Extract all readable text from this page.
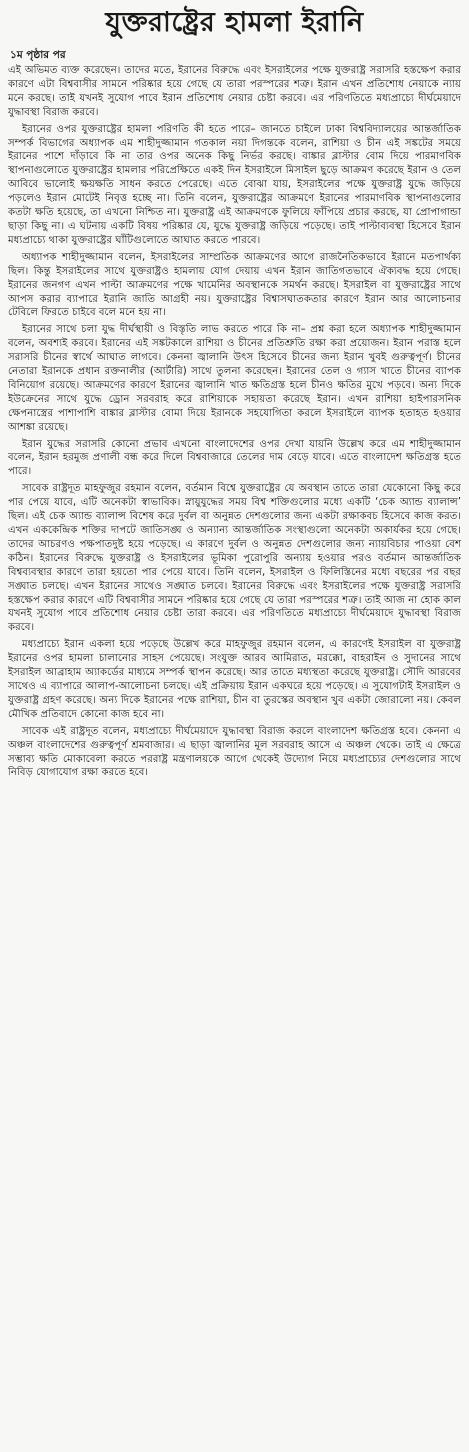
যুক্তরাষ্ট্রের হামলা ইরানি
১ম পৃষ্ঠার পর

এই অভিমত ব্যক্ত করেছেন। তাদের মতে, ইরানের বিরুদ্ধে এবং ইসরাইলের পক্ষে যুক্তরাষ্ট্র সরাসরি হস্তক্ষেপ করার কারণে এটা বিশ্ববাসীর সামনে পরিষ্কার হয়ে গেছে যে তারা পরস্পরের শত্রু। ইরান এখন প্রতিশোধ নেয়াকে ন্যায় মনে করছে। তাই যখনই সুযোগ পাবে ইরান প্রতিশোধ নেয়ার চেষ্টা করবে। এর পরিণতিতে মধ্যপ্রাচ্যে দীর্ঘমেয়াদে যুদ্ধাবস্থা বিরাজ করবে।

ইরানের ওপর যুক্তরাষ্ট্রের হামলা পরিণতি কী হতে পারে– জানতে চাইলে ঢাকা বিশ্ববিদ্যালয়ের আন্তর্জাতিক সম্পর্ক বিভাগের অধ্যাপক এম শাহীদুজ্জামান গতকাল নয়া দিগন্তকে বলেন, রাশিয়া ও চীন এই সঙ্কটের সময়ে ইরানের পাশে দাঁড়াবে কি না তার ওপর অনেক কিছু নির্ভর করছে। বাঙ্কার ব্লাস্টার বোম দিয়ে পারমাণবিক স্থাপনাগুলোতে যুক্তরাষ্ট্রের হামলার পরিপ্রেক্ষিতে একই দিন ইসরাইলে মিসাইল ছুড়ে আক্রমণ করেছে ইরান ও তেল আবিবে ভালোই ক্ষয়ক্ষতি সাধন করতে পেরেছে। এতে বোঝা যায়, ইসরাইলের পক্ষে যুক্তরাষ্ট্র যুদ্ধে জড়িয়ে পড়লেও ইরান মোটেই নিবৃত্ত হচ্ছে না। তিনি বলেন, যুক্তরাষ্ট্রের আক্রমণে ইরানের পারমাণবিক স্থাপনাগুলোর কতটা ক্ষতি হয়েছে, তা এখনো নিশ্চিত না। যুক্তরাষ্ট্র এই আক্রমণকে ফুলিয়ে ফাঁপিয়ে প্রচার করছে, যা প্রোপাগান্ডা ছাড়া কিছু না। এ ঘটনায় একটি বিষয় পরিষ্কার যে, যুদ্ধে যুক্তরাষ্ট্র জড়িয়ে পড়েছে। তাই পাল্টাব্যবস্থা হিসেবে ইরান মধ্যপ্রাচ্যে থাকা যুক্তরাষ্ট্রের ঘাঁটিগুলোতে আঘাত করতে পারবে।

অধ্যাপক শাহীদুজ্জামান বলেন, ইসরাইলের সাম্প্রতিক আক্রমণের আগে রাজনৈতিকভাবে ইরানে মতপার্থক্য ছিল। কিন্তু ইসরাইলের সাথে যুক্তরাষ্ট্রও হামলায় যোগ দেয়ায় এখন ইরান জাতিগতভাবে ঐক্যবদ্ধ হয়ে গেছে। ইরানের জনগণ এখন পাল্টা আক্রমণের পক্ষে খামেনির অবস্থানকে সমর্থন করছে। ইসরাইল বা যুক্তরাষ্ট্রের সাথে আপস করার ব্যাপারে ইরানি জাতি আগ্রহী নয়। যুক্তরাষ্ট্রের বিশ্বাসঘাতকতার কারণে ইরান আর আলোচনার টেবিলে ফিরতে চাইবে বলে মনে হয় না।

ইরানের সাথে চলা যুদ্ধ দীর্ঘস্থায়ী ও বিস্তৃতি লাভ করতে পারে কি না– প্রশ্ন করা হলে অধ্যাপক শাহীদুজ্জামান বলেন, অবশ্যই করবে। ইরানের এই সঙ্কটকালে রাশিয়া ও চীনের প্রতিশ্রুতি রক্ষা করা প্রয়োজন। ইরান পরাস্ত হলে সরাসরি চীনের স্বার্থে আঘাত লাগবে। কেননা জ্বালানি উৎস হিসেবে চীনের জন্য ইরান খুবই গুরুত্বপূর্ণ। চীনের নেতারা ইরানকে প্রধান রক্তনালীর (আর্টারি) সাথে তুলনা করেছেন। ইরানের তেল ও গ্যাস খাতে চীনের ব্যাপক বিনিয়োগ রয়েছে। আক্রমণের কারণে ইরানের জ্বালানি খাত ক্ষতিগ্রস্ত হলে চীনও ক্ষতির মুখে পড়বে। অন্য দিকে ইউক্রেনের সাথে যুদ্ধে ড্রোন সরবরাহ করে রাশিয়াকে সহায়তা করেছে ইরান। এখন রাশিয়া হাইপারসনিক ক্ষেপনাস্ত্রের পাশাপাশি বাঙ্কার ব্লাস্টার বোমা দিয়ে ইরানকে সহযোগিতা করলে ইসরাইলে ব্যাপক হতাহত হওয়ার আশঙ্কা রয়েছে।

ইরান যুদ্ধের সরাসরি কোনো প্রভাব এখনো বাংলাদেশের ওপর দেখা যায়নি উল্লেখ করে এম শাহীদুজ্জামান বলেন, ইরান হরমুজ প্রণালী বন্ধ করে দিলে বিশ্ববাজারে তেলের দাম বেড়ে যাবে। এতে বাংলাদেশ ক্ষতিগ্রস্ত হতে পারে।

সাবেক রাষ্ট্রদূত মাহফুজুর রহমান বলেন, বর্তমান বিশ্বে যুক্তরাষ্ট্রের যে অবস্থান তাতে তারা যেকোনো কিছু করে পার পেয়ে যাবে, এটি অনেকটা স্বাভাবিক। স্নায়ুযুদ্ধের সময় বিশ্ব শক্তিগুলোর মধ্যে একটি ‘চেক অ্যান্ড ব্যালান্স’ ছিল। এই চেক অ্যান্ড ব্যালান্স বিশেষ করে দুর্বল বা অনুন্নত দেশগুলোর জন্য একটা রক্ষাকবচ হিসেবে কাজ করত। এখন এককেন্দ্রিক শক্তির দাপটে জাতিসঙ্ঘ ও অন্যান্য আন্তর্জাতিক সংস্থাগুলো অনেকটা অকার্যকর হয়ে গেছে। তাদের আচরণও পক্ষপাতদুষ্ট হয়ে পড়েছে। এ কারণে দুর্বল ও অনুন্নত দেশগুলোর জন্য ন্যায়বিচার পাওয়া বেশ কঠিন। ইরানের বিরুদ্ধে যুক্তরাষ্ট্র ও ইসরাইলের ভূমিকা পুরোপুরি অন্যায় হওয়ার পরও বর্তমান আন্তর্জাতিক বিশ্বব্যবস্থার কারণে তারা হয়তো পার পেয়ে যাবে। তিনি বলেন, ইসরাইল ও ফিলিস্তিনের মধ্যে বছরের পর বছর সঙ্ঘাত চলছে। এখন ইরানের সাথেও সঙ্ঘাত চলবে। ইরানের বিরুদ্ধে এবং ইসরাইলের পক্ষে যুক্তরাষ্ট্র সরাসরি হস্তক্ষেপ করার কারণে এটি বিশ্ববাসীর সামনে পরিষ্কার হয়ে গেছে যে তারা পরস্পরের শত্রু। তাই আজ না হোক কাল যখনই সুযোগ পাবে প্রতিশোধ নেয়ার চেষ্টা তারা করবে। এর পরিণতিতে মধ্যপ্রাচ্যে দীর্ঘমেয়াদে যুদ্ধাবস্থা বিরাজ করবে।

মধ্যপ্রাচ্যে ইরান একলা হয়ে পড়েছে উল্লেখ করে মাহফুজুর রহমান বলেন, এ কারণেই ইসরাইল বা যুক্তরাষ্ট্র ইরানের ওপর হামলা চালানোর সাহস পেয়েছে। সংযুক্ত আরব আমিরাত, মরক্কো, বাহরাইন ও সুদানের সাথে ইসরাইল আব্রাহাম অ্যাকর্ডের মাধ্যমে সম্পর্ক স্থাপন করেছে। আর তাতে মধ্যস্থতা করেছে যুক্তরাষ্ট্র। সৌদি আরবের সাথেও এ ব্যাপারে আলাপ-আলোচনা চলছে। এই প্রক্রিয়ায় ইরান একঘরে হয়ে পড়েছে। এ সুযোগটাই ইসরাইল ও যুক্তরাষ্ট্র গ্রহণ করেছে। অন্য দিকে ইরানের পক্ষে রাশিয়া, চীন বা তুরস্কের অবস্থান খুব একটা জোরালো নয়। কেবল মৌখিক প্রতিবাদে কোনো কাজ হবে না।

সাবেক এই রাষ্ট্রদূত বলেন, মধ্যপ্রাচ্যে দীর্ঘমেয়াদে যুদ্ধাবস্থা বিরাজ করলে বাংলাদেশ ক্ষতিগ্রস্ত হবে। কেননা এ অঞ্চল বাংলাদেশের গুরুত্বপূর্ণ শ্রমবাজার। এ ছাড়া জ্বালানির মূল সরবরাহ আসে এ অঞ্চল থেকে। তাই এ ক্ষেত্রে সম্ভাব্য ক্ষতি মোকাবেলা করতে পররাষ্ট্র মন্ত্রণালয়কে আগে থেকেই উদ্যোগ নিয়ে মধ্যপ্রাচ্যের দেশগুলোর সাথে নিবিড় যোগাযোগ রক্ষা করতে হবে।
